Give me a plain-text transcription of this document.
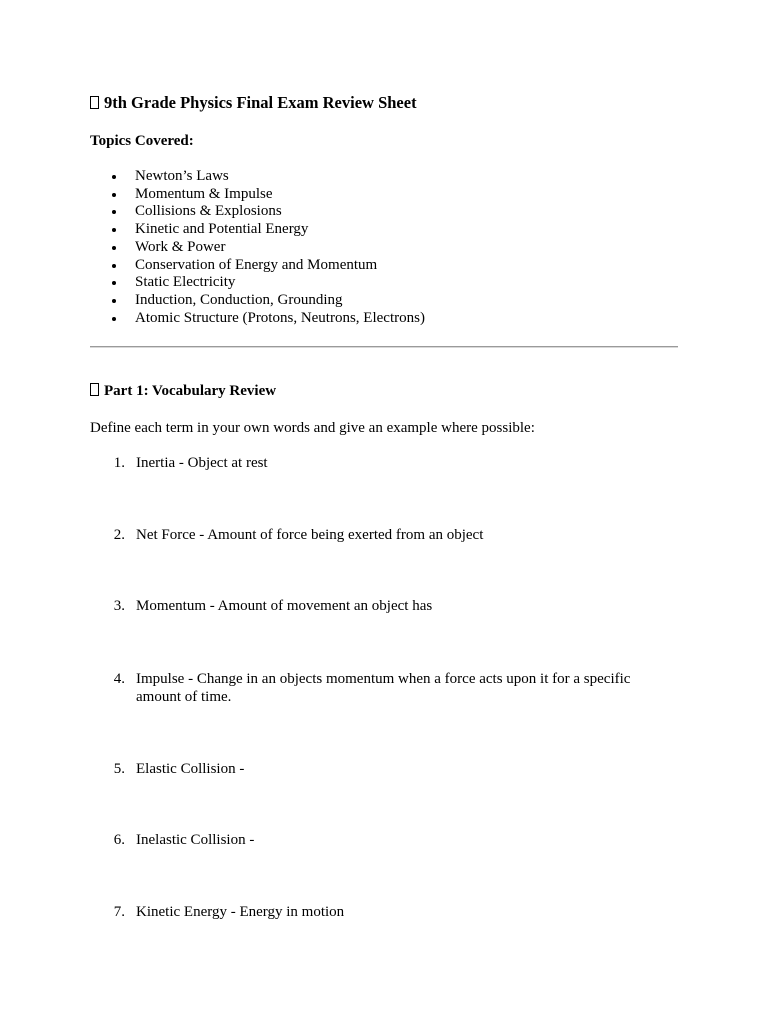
9th Grade Physics Final Exam Review Sheet
Topics Covered:
Newton’s Laws
Momentum & Impulse
Collisions & Explosions
Kinetic and Potential Energy
Work & Power
Conservation of Energy and Momentum
Static Electricity
Induction, Conduction, Grounding
Atomic Structure (Protons, Neutrons, Electrons)
Part 1: Vocabulary Review
Define each term in your own words and give an example where possible:
1. Inertia - Object at rest
2. Net Force - Amount of force being exerted from an object
3. Momentum - Amount of movement an object has
4. Impulse - Change in an objects momentum when a force acts upon it for a specific amount of time.
5. Elastic Collision -
6. Inelastic Collision -
7. Kinetic Energy - Energy in motion
